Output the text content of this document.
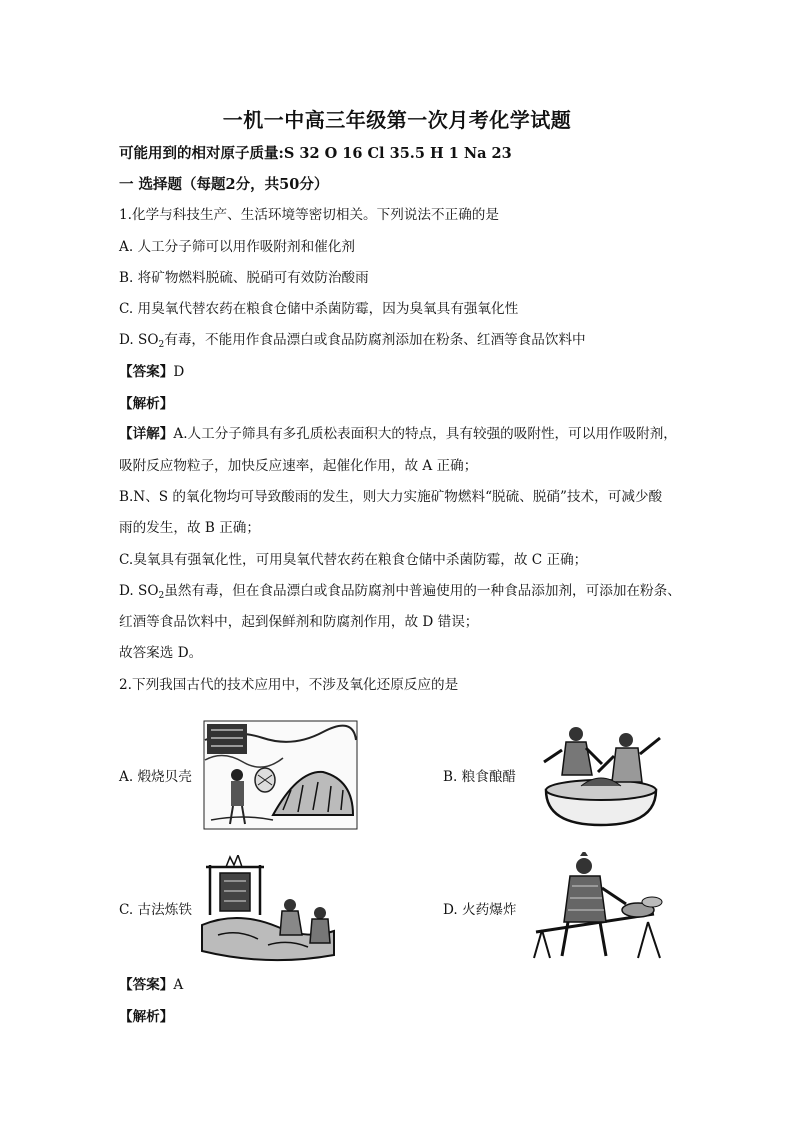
一机一中高三年级第一次月考化学试题
可能用到的相对原子质量:S 32 O 16 Cl 35.5 H 1 Na 23
一 选择题（每题2分，共50分）
1.化学与科技生产、生活环境等密切相关。下列说法不正确的是
A. 人工分子筛可以用作吸附剂和催化剂
B. 将矿物燃料脱硫、脱硝可有效防治酸雨
C. 用臭氧代替农药在粮食仓储中杀菌防霉，因为臭氧具有强氧化性
D. $SO_2$有毒，不能用作食品漂白或食品防腐剂添加在粉条、红酒等食品饮料中
【答案】D
【解析】
【详解】A.人工分子筛具有多孔质松表面积大的特点，具有较强的吸附性，可以用作吸附剂，
吸附反应物粒子，加快反应速率，起催化作用，故 A 正确；
B.N、S 的氧化物均可导致酸雨的发生，则大力实施矿物燃料“脱硫、脱硝”技术，可减少酸
雨的发生，故 B 正确；
C.臭氧具有强氧化性，可用臭氧代替农药在粮食仓储中杀菌防霉，故 C 正确；
D. $SO_2$虽然有毒，但在食品漂白或食品防腐剂中普遍使用的一种食品添加剂，可添加在粉条、
红酒等食品饮料中，起到保鲜剂和防腐剂作用，故 D 错误；
故答案选 D。
2.下列我国古代的技术应用中，不涉及氧化还原反应的是
A. 煅烧贝壳	B. 粮食酿醋
C. 古法炼铁	D. 火药爆炸
【答案】A
【解析】
